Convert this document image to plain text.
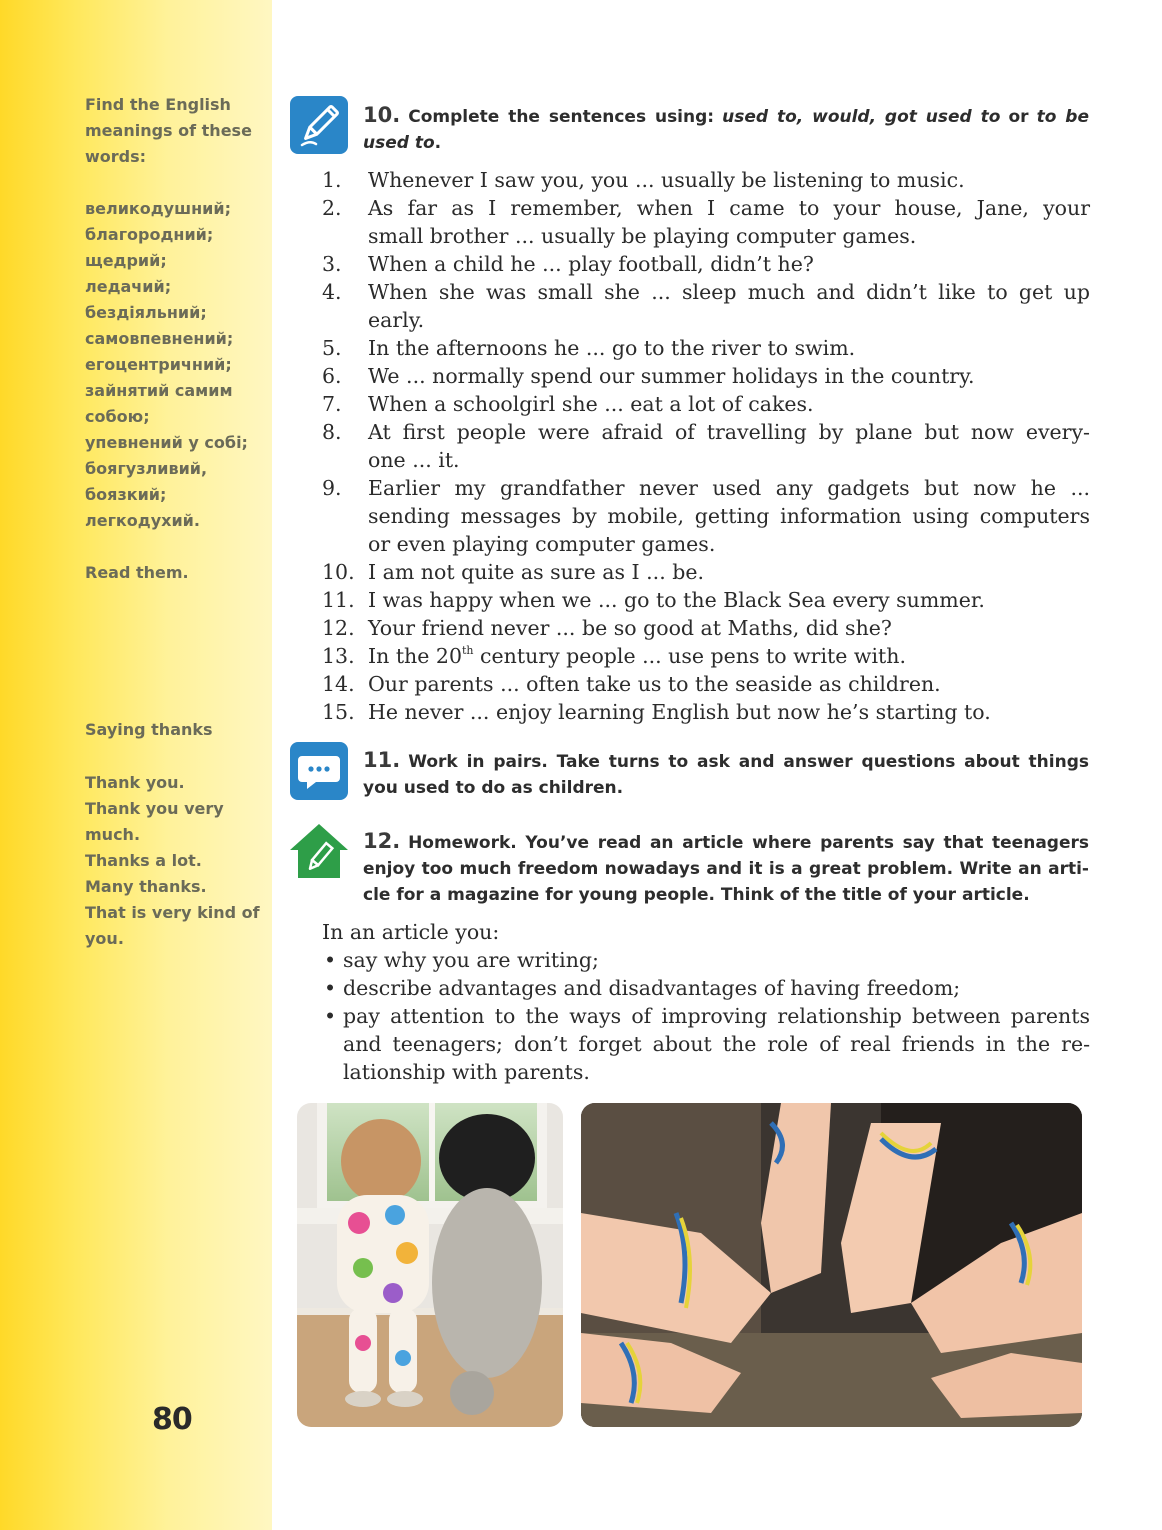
Find the English
meanings of these
words:
великодушний;
благородний;
щедрий;
ледачий;
бездіяльний;
самовпевнений;
егоцентричний;
зайнятий самим
собою;
упевнений у собі;
боягузливий,
боязкий;
легкодухий.
Read them.
Saying thanks
Thank you.
Thank you very
much.
Thanks a lot.
Many thanks.
That is very kind of
you.
80
10. Complete the sentences using: used to, would, got used to or to be
used to.
1.	Whenever I saw you, you ... usually be listening to music.
2.	As far as I remember, when I came to your house, Jane, your
small brother ... usually be playing computer games.
3.	When a child he ... play football, didn’t he?
4.	When she was small she ... sleep much and didn’t like to get up
early.
5.	In the afternoons he ... go to the river to swim.
6.	We ... normally spend our summer holidays in the country.
7.	When a schoolgirl she ... eat a lot of cakes.
8.	At first people were afraid of travelling by plane but now every-
one ... it.
9.	Earlier my grandfather never used any gadgets but now he ...
sending messages by mobile, getting information using computers
or even playing computer games.
10. I am not quite as sure as I ... be.
11. I was happy when we ... go to the Black Sea every summer.
12. Your friend never ... be so good at Maths, did she?
13. In the 20th century people ... use pens to write with.
14. Our parents ... often take us to the seaside as children.
15. He never ... enjoy learning English but now he’s starting to.
11. Work in pairs. Take turns to ask and answer questions about things
you used to do as children.
12. Homework. You’ve read an article where parents say that teenagers
enjoy too much freedom nowadays and it is a great problem. Write an arti-
cle for a magazine for young people. Think of the title of your article.
In an article you:
• say why you are writing;
• describe advantages and disadvantages of having freedom;
• pay attention to the ways of improving relationship between parents
and teenagers; don’t forget about the role of real friends in the re-
lationship with parents.
